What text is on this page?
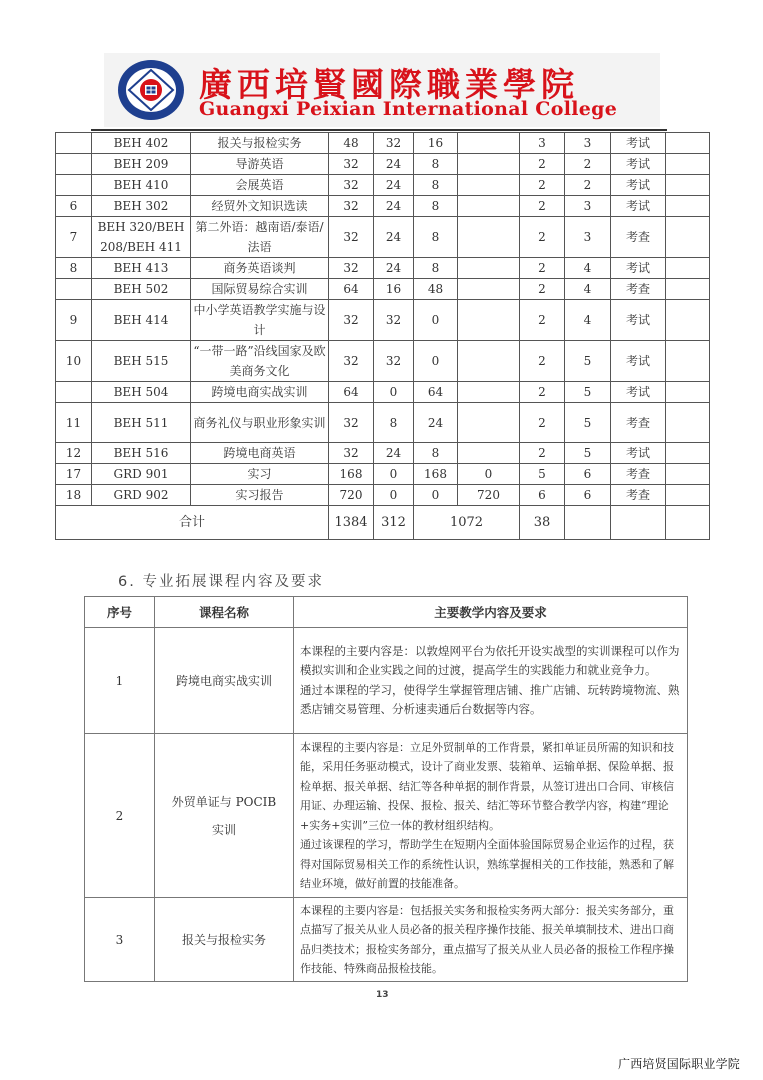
廣西培賢國際職業學院
Guangxi Peixian International College
	BEH 402	报关与报检实务	48	32	16		3	3	考试	
	BEH 209	导游英语	32	24	8		2	2	考试	
	BEH 410	会展英语	32	24	8		2	2	考试	
6	BEH 302	经贸外文知识选读	32	24	8		2	3	考试	
7	BEH 320/BEH 208/BEH 411	第二外语：越南语/泰语/法语	32	24	8		2	3	考查	
8	BEH 413	商务英语谈判	32	24	8		2	4	考试	
	BEH 502	国际贸易综合实训	64	16	48		2	4	考查	
9	BEH 414	中小学英语教学实施与设计	32	32	0		2	4	考试	
10	BEH 515	“一带一路”沿线国家及欧美商务文化	32	32	0		2	5	考试	
	BEH 504	跨境电商实战实训	64	0	64		2	5	考试	
11	BEH 511	商务礼仪与职业形象实训	32	8	24		2	5	考查	
12	BEH 516	跨境电商英语	32	24	8		2	5	考试	
17	GRD 901	实习	168	0	168	0	5	6	考查	
18	GRD 902	实习报告	720	0	0	720	6	6	考查	
合计			1384	312	1072		38			
6. 专业拓展课程内容及要求
序号	课程名称	主要教学内容及要求
1	跨境电商实战实训	本课程的主要内容是：以敦煌网平台为依托开设实战型的实训课程可以作为模拟实训和企业实践之间的过渡，提高学生的实践能力和就业竞争力。

通过本课程的学习，使得学生掌握管理店铺、推广店铺、玩转跨境物流、熟悉店铺交易管理、分析速卖通后台数据等内容。

2	外贸单证与 POCIB 实训	本课程的主要内容是：立足外贸制单的工作背景，紧扣单证员所需的知识和技能，采用任务驱动模式，设计了商业发票、装箱单、运输单据、保险单据、报检单据、报关单据、结汇等各种单据的制作背景，从签订进出口合同、审核信用证、办理运输、投保、报检、报关、结汇等环节整合教学内容，构建“理论+实务+实训”三位一体的教材组织结构。

通过该课程的学习，帮助学生在短期内全面体验国际贸易企业运作的过程，获得对国际贸易相关工作的系统性认识，熟练掌握相关的工作技能，熟悉和了解结业环境，做好前置的技能准备。

3	报关与报检实务	本课程的主要内容是：包括报关实务和报检实务两大部分：报关实务部分，重点描写了报关从业人员必备的报关程序操作技能、报关单填制技术、进出口商品归类技术；报检实务部分，重点描写了报关从业人员必备的报检工作程序操作技能、特殊商品报检技能。

13
广西培贤国际职业学院
